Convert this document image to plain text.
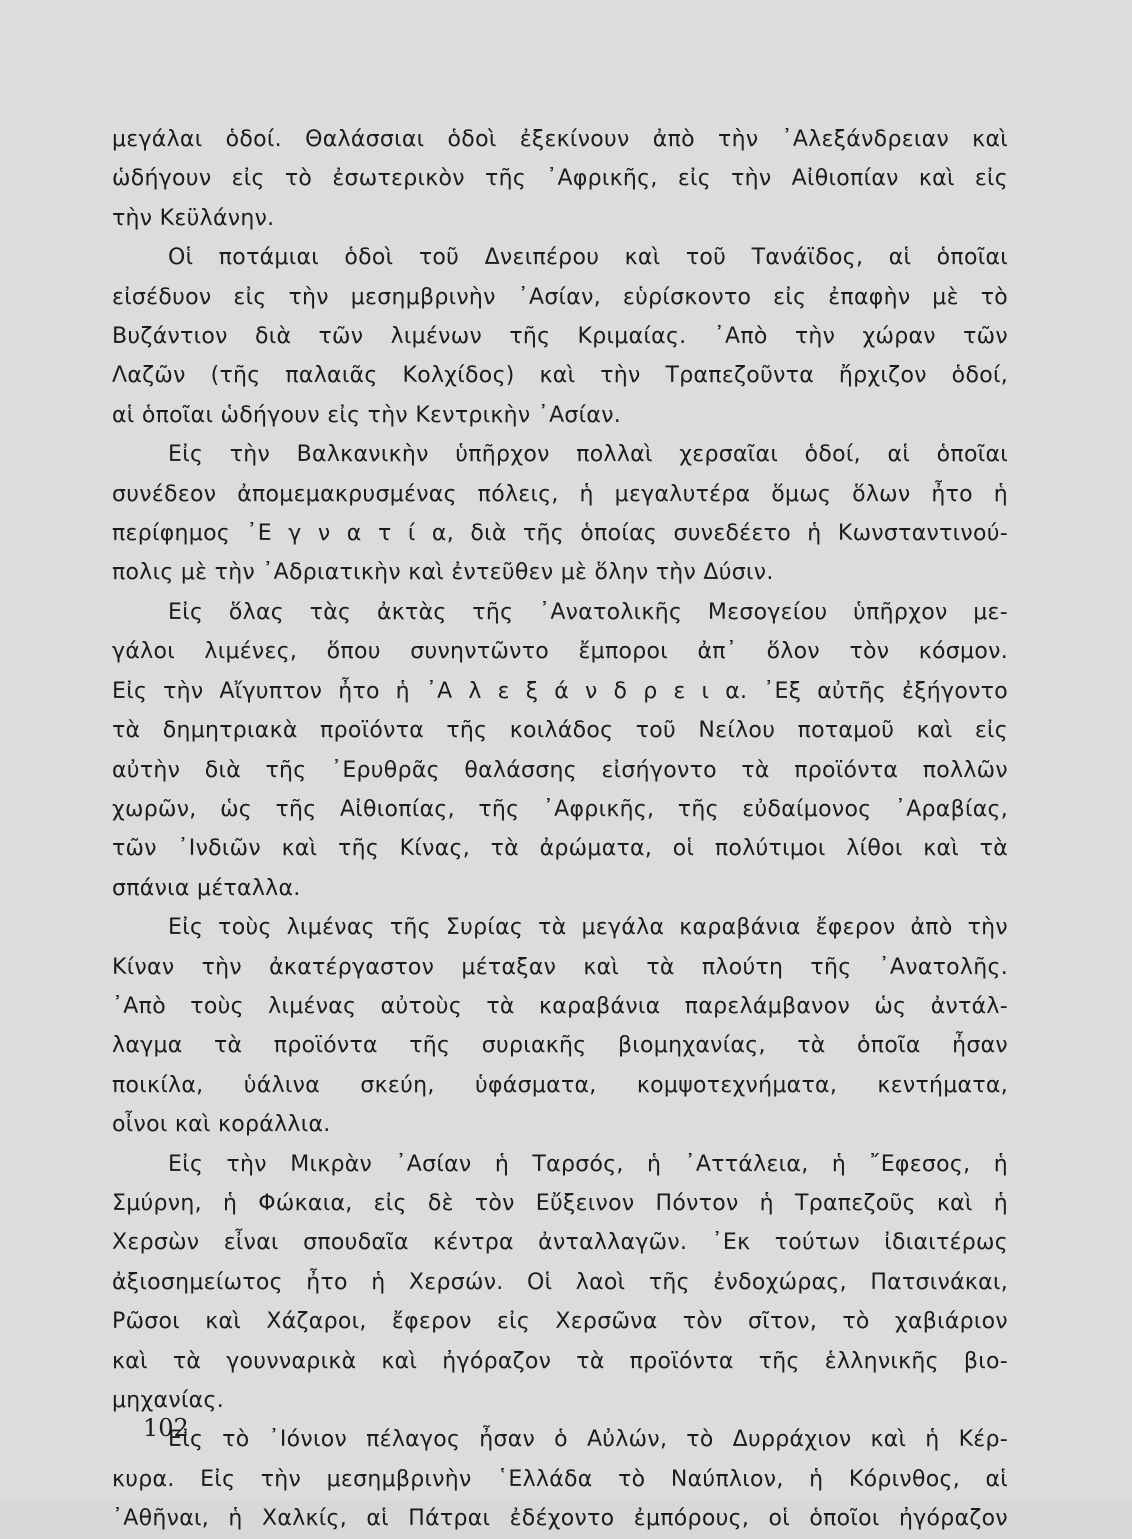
μεγάλαι ὁδοί. Θαλάσσιαι ὁδοὶ ἐξεκίνουν ἀπὸ τὴν ᾿Αλεξάνδρειαν καὶ
ὡδήγουν εἰς τὸ ἐσωτερικὸν τῆς ᾿Αφρικῆς, εἰς τὴν Αἰθιοπίαν καὶ εἰς
τὴν Κεϋλάνην.

Οἱ ποτάμιαι ὁδοὶ τοῦ Δνειπέρου καὶ τοῦ Τανάϊδος, αἱ ὁποῖαι
εἰσέδυον εἰς τὴν μεσημβρινὴν ᾿Ασίαν, εὑρίσκοντο εἰς ἐπαφὴν μὲ τὸ
Βυζάντιον διὰ τῶν λιμένων τῆς Κριμαίας. ᾿Απὸ τὴν χώραν τῶν
Λαζῶν (τῆς παλαιᾶς Κολχίδος) καὶ τὴν Τραπεζοῦντα ἤρχιζον ὁδοί,
αἱ ὁποῖαι ὡδήγουν εἰς τὴν Κεντρικὴν ᾿Ασίαν.

Εἰς τὴν Βαλκανικὴν ὑπῆρχον πολλαὶ χερσαῖαι ὁδοί, αἱ ὁποῖαι
συνέδεον ἀπομεμακρυσμένας πόλεις, ἡ μεγαλυτέρα ὅμως ὅλων ἦτο ἡ
περίφημος ᾿Ε γ ν α τ ί α, διὰ τῆς ὁποίας συνεδέετο ἡ Κωνσταντινού-
πολις μὲ τὴν ᾿Αδριατικὴν καὶ ἐντεῦθεν μὲ ὅλην τὴν Δύσιν.

Εἰς ὅλας τὰς ἀκτὰς τῆς ᾿Ανατολικῆς Μεσογείου ὑπῆρχον με-
γάλοι λιμένες, ὅπου συνηντῶντο ἔμποροι ἀπ᾿ ὅλον τὸν κόσμον.
Εἰς τὴν Αἴγυπτον ἦτο ἡ ᾿Α λ ε ξ ά ν δ ρ ε ι α. ᾿Εξ αὐτῆς ἐξήγοντο
τὰ δημητριακὰ προϊόντα τῆς κοιλάδος τοῦ Νείλου ποταμοῦ καὶ εἰς
αὐτὴν διὰ τῆς ᾿Ερυθρᾶς θαλάσσης εἰσήγοντο τὰ προϊόντα πολλῶν
χωρῶν, ὡς τῆς Αἰθιοπίας, τῆς ᾿Αφρικῆς, τῆς εὐδαίμονος ᾿Αραβίας,
τῶν ᾿Ινδιῶν καὶ τῆς Κίνας, τὰ ἀρώματα, οἱ πολύτιμοι λίθοι καὶ τὰ
σπάνια μέταλλα.

Εἰς τοὺς λιμένας τῆς Συρίας τὰ μεγάλα καραβάνια ἔφερον ἀπὸ τὴν
Κίναν τὴν ἀκατέργαστον μέταξαν καὶ τὰ πλούτη τῆς ᾿Ανατολῆς.
᾿Απὸ τοὺς λιμένας αὐτοὺς τὰ καραβάνια παρελάμβανον ὡς ἀντάλ-
λαγμα τὰ προϊόντα τῆς συριακῆς βιομηχανίας, τὰ ὁποῖα ἦσαν
ποικίλα, ὑάλινα σκεύη, ὑφάσματα, κομψοτεχνήματα, κεντήματα,
οἶνοι καὶ κοράλλια.

Εἰς τὴν Μικρὰν ᾿Ασίαν ἡ Ταρσός, ἡ ᾿Αττάλεια, ἡ ῎Εφεσος, ἡ
Σμύρνη, ἡ Φώκαια, εἰς δὲ τὸν Εὔξεινον Πόντον ἡ Τραπεζοῦς καὶ ἡ
Χερσὼν εἶναι σπουδαῖα κέντρα ἀνταλλαγῶν. ᾿Εκ τούτων ἰδιαιτέρως
ἀξιοσημείωτος ἦτο ἡ Χερσών. Οἱ λαοὶ τῆς ἐνδοχώρας, Πατσινάκαι,
Ρῶσοι καὶ Χάζαροι, ἔφερον εἰς Χερσῶνα τὸν σῖτον, τὸ χαβιάριον
καὶ τὰ γουνναρικὰ καὶ ἠγόραζον τὰ προϊόντα τῆς ἑλληνικῆς βιο-
μηχανίας.

Εἰς τὸ ᾿Ιόνιον πέλαγος ἦσαν ὁ Αὐλών, τὸ Δυρράχιον καὶ ἡ Κέρ-
κυρα. Εἰς τὴν μεσημβρινὴν ῾Ελλάδα τὸ Ναύπλιον, ἡ Κόρινθος, αἱ
᾿Αθῆναι, ἡ Χαλκίς, αἱ Πάτραι ἐδέχοντο ἐμπόρους, οἱ ὁποῖοι ἠγόραζον

102
